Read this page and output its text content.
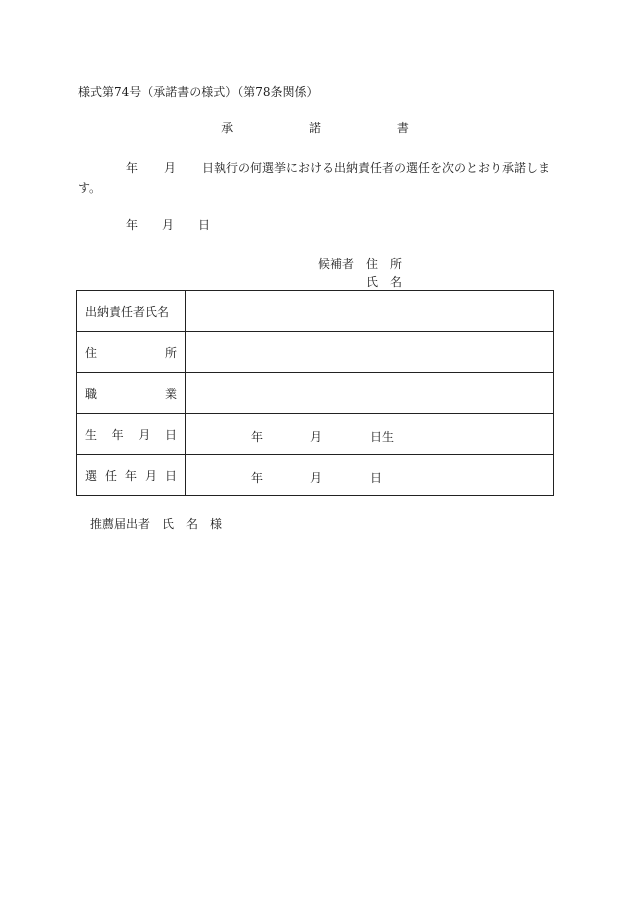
様式第74号（承諾書の様式）（第78条関係）
承	諾	書
年 月 日執行の何選挙における出納責任者の選任を次のとおり承諾しま
す。
年 月 日
候補者　 住　所
氏　名
出納責任者氏名	

住 所	

職 業	

生 年 月 日	年 月 日生

選 任 年 月 日	年 月 日
推薦届出者　氏　名　様
